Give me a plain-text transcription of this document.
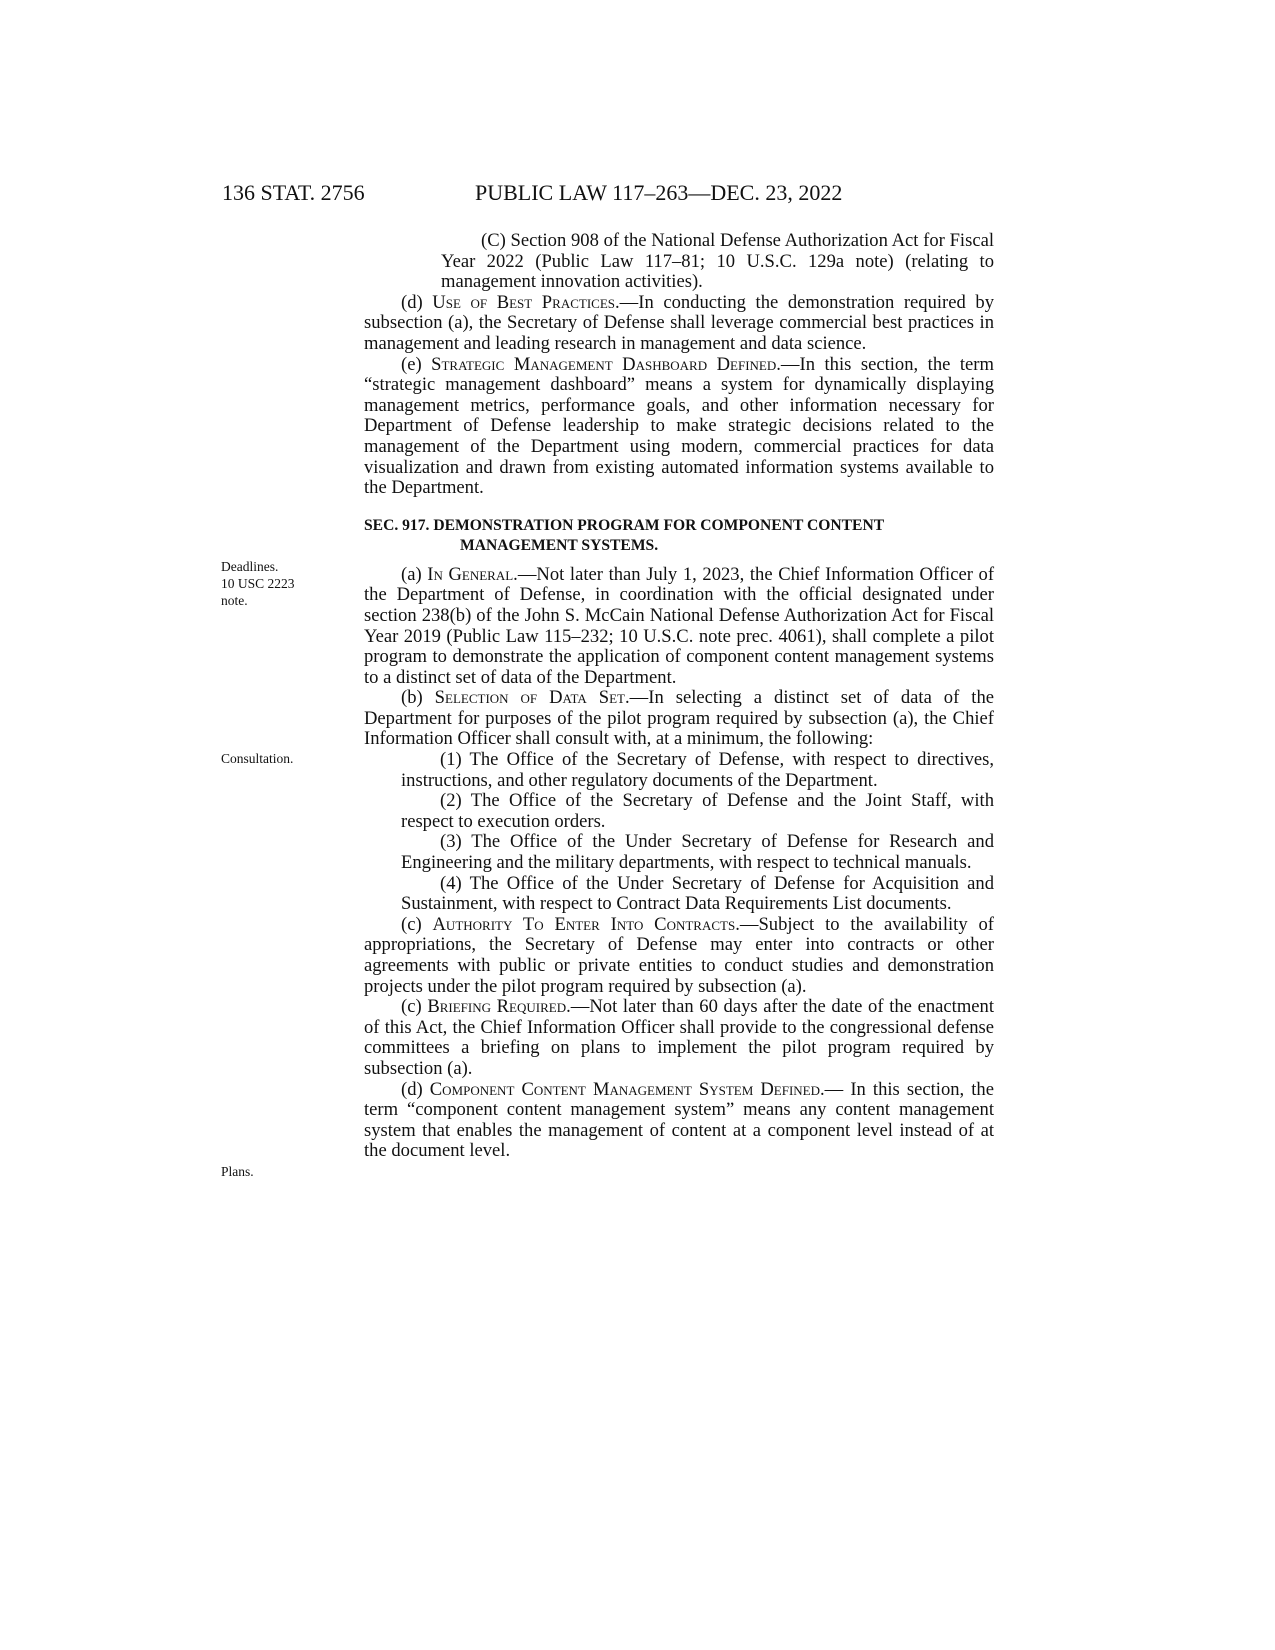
136 STAT. 2756	PUBLIC LAW 117–263—DEC. 23, 2022
Deadlines.
10 USC 2223
note.
Consultation.
Plans.

(C) Section 908 of the National Defense Authorization Act for Fiscal Year 2022 (Public Law 117–81; 10 U.S.C. 129a note) (relating to management innovation activities).

(d) Use of Best Practices.—In conducting the demonstration required by subsection (a), the Secretary of Defense shall leverage commercial best practices in management and leading research in management and data science.

(e) Strategic Management Dashboard Defined.—In this section, the term “strategic management dashboard” means a system for dynamically displaying management metrics, performance goals, and other information necessary for Department of Defense leadership to make strategic decisions related to the management of the Department using modern, commercial practices for data visualization and drawn from existing automated information systems available to the Department.

SEC. 917. DEMONSTRATION PROGRAM FOR COMPONENT CONTENT
MANAGEMENT SYSTEMS.

(a) In General.—Not later than July 1, 2023, the Chief Information Officer of the Department of Defense, in coordination with the official designated under section 238(b) of the John S. McCain National Defense Authorization Act for Fiscal Year 2019 (Public Law 115–232; 10 U.S.C. note prec. 4061), shall complete a pilot program to demonstrate the application of component content management systems to a distinct set of data of the Department.

(b) Selection of Data Set.—In selecting a distinct set of data of the Department for purposes of the pilot program required by subsection (a), the Chief Information Officer shall consult with, at a minimum, the following:

(1) The Office of the Secretary of Defense, with respect to directives, instructions, and other regulatory documents of the Department.

(2) The Office of the Secretary of Defense and the Joint Staff, with respect to execution orders.

(3) The Office of the Under Secretary of Defense for Research and Engineering and the military departments, with respect to technical manuals.

(4) The Office of the Under Secretary of Defense for Acquisition and Sustainment, with respect to Contract Data Requirements List documents.

(c) Authority To Enter Into Contracts.—Subject to the availability of appropriations, the Secretary of Defense may enter into contracts or other agreements with public or private entities to conduct studies and demonstration projects under the pilot program required by subsection (a).

(c) Briefing Required.—Not later than 60 days after the date of the enactment of this Act, the Chief Information Officer shall provide to the congressional defense committees a briefing on plans to implement the pilot program required by subsection (a).

(d) Component Content Management System Defined.— In this section, the term “component content management system” means any content management system that enables the management of content at a component level instead of at the document level.
